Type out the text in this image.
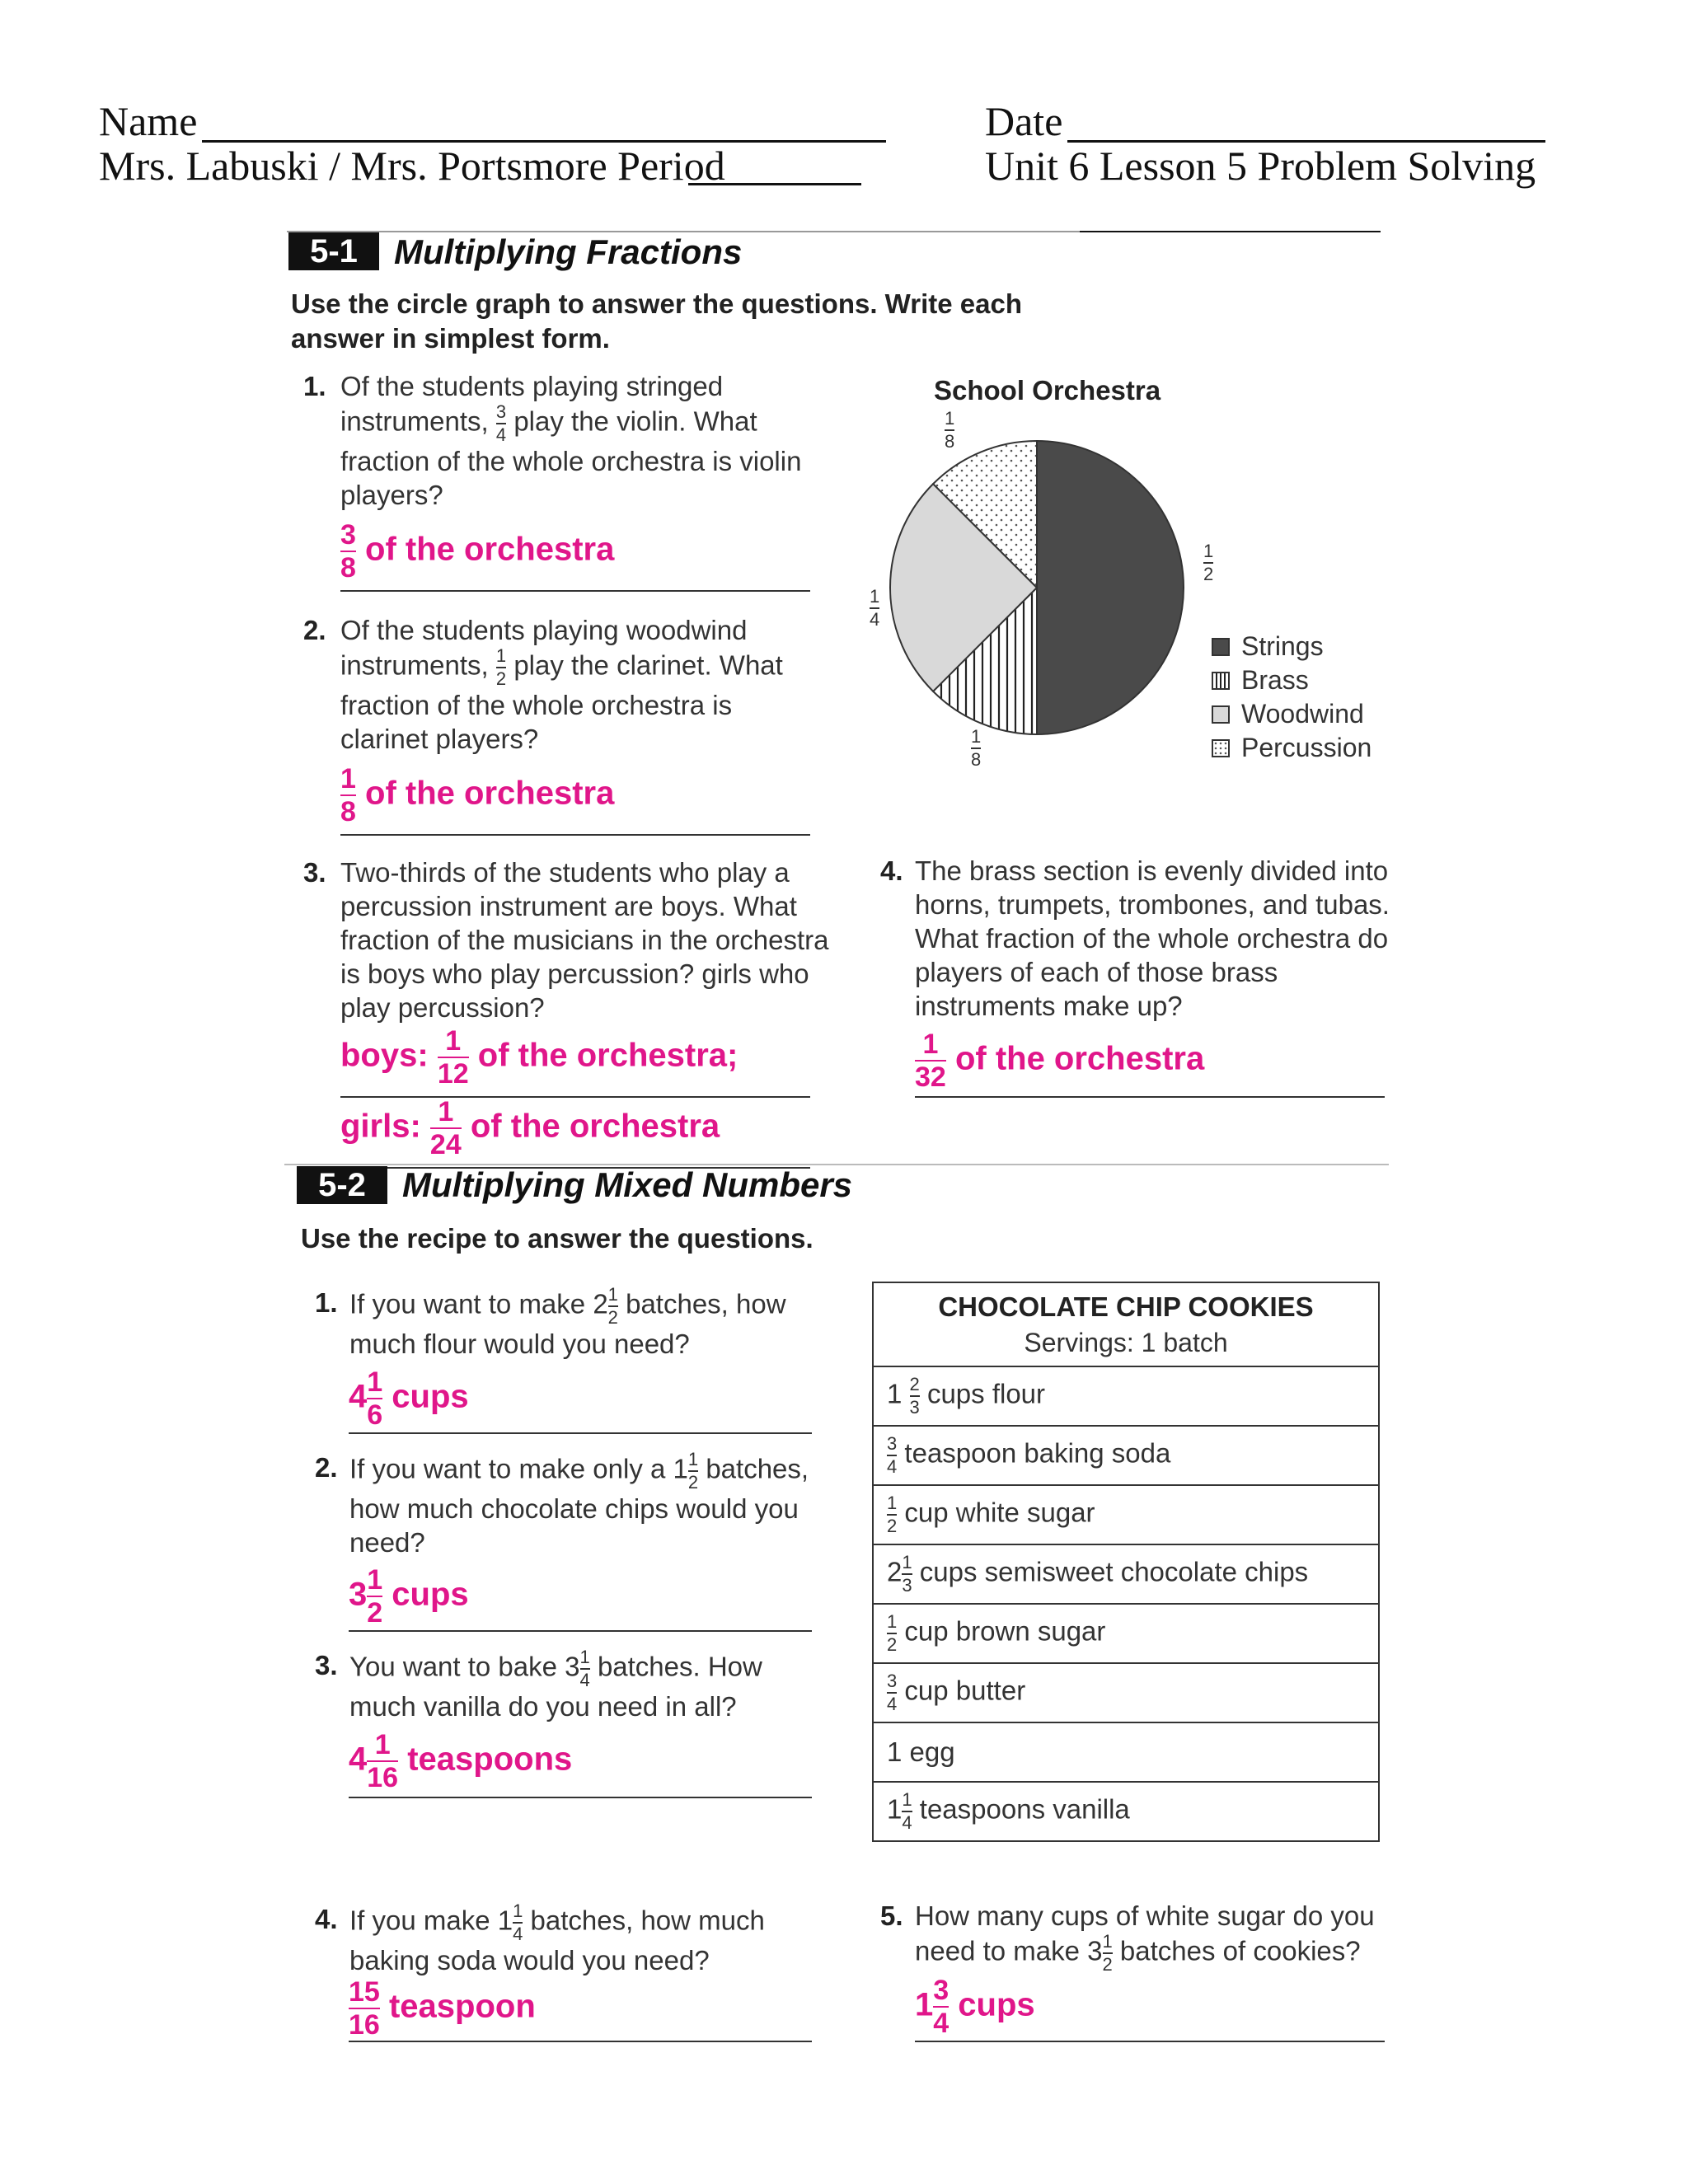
Name	Date
Mrs. Labuski / Mrs. Portsmore Period	Unit 6 Lesson 5 Problem Solving
5-1	Multiplying Fractions
Use the circle graph to answer the questions. Write each answer in simplest form.
1. Of the students playing stringed instruments, $\frac{3}{4}$ play the violin. What fraction of the whole orchestra is violin players?
$\frac{3}{8}$ of the orchestra
2. Of the students playing woodwind instruments, $\frac{1}{2}$ play the clarinet. What fraction of the whole orchestra is clarinet players?
$\frac{1}{8}$ of the orchestra
3. Two-thirds of the students who play a percussion instrument are boys. What fraction of the musicians in the orchestra is boys who play percussion? girls who play percussion?
boys: $\frac{1}{12}$ of the orchestra;
girls: $\frac{1}{24}$ of the orchestra
4. The brass section is evenly divided into horns, trumpets, trombones, and tubas. What fraction of the whole orchestra do players of each of those brass instruments make up?
$\frac{1}{32}$ of the orchestra
School Orchestra
$\frac{1}{8}$
$\frac{1}{2}$
$\frac{1}{4}$
$\frac{1}{8}$
Strings
Brass
Woodwind
Percussion
5-2	Multiplying Mixed Numbers
Use the recipe to answer the questions.
1. If you want to make $2 \frac{1}{2}$ batches, how much flour would you need?
$4 \frac{1}{6}$ cups
2. If you want to make only a $1 \frac{1}{2}$ batches, how much chocolate chips would you need?
$3 \frac{1}{2}$ cups
3. You want to bake $3 \frac{1}{4}$ batches. How much vanilla do you need in all?
$4 \frac{1}{16}$ teaspoons
4. If you make $1 \frac{1}{4}$ batches, how much baking soda would you need?
$\frac{15}{16}$ teaspoon
5. How many cups of white sugar do you need to make $3 \frac{1}{2}$ batches of cookies?
$1 \frac{3}{4}$ cups
CHOCOLATE CHIP COOKIES
Servings: 1 batch

$1 \frac{2}{3}$ cups flour

$\frac{3}{4}$ teaspoon baking soda

$\frac{1}{2}$ cup white sugar
$2 \frac{1}{3}$ cups semisweet chocolate chips

$\frac{1}{2}$ cup brown sugar

$\frac{3}{4}$ cup butter
1 egg
$1 \frac{1}{4}$ teaspoons vanilla
